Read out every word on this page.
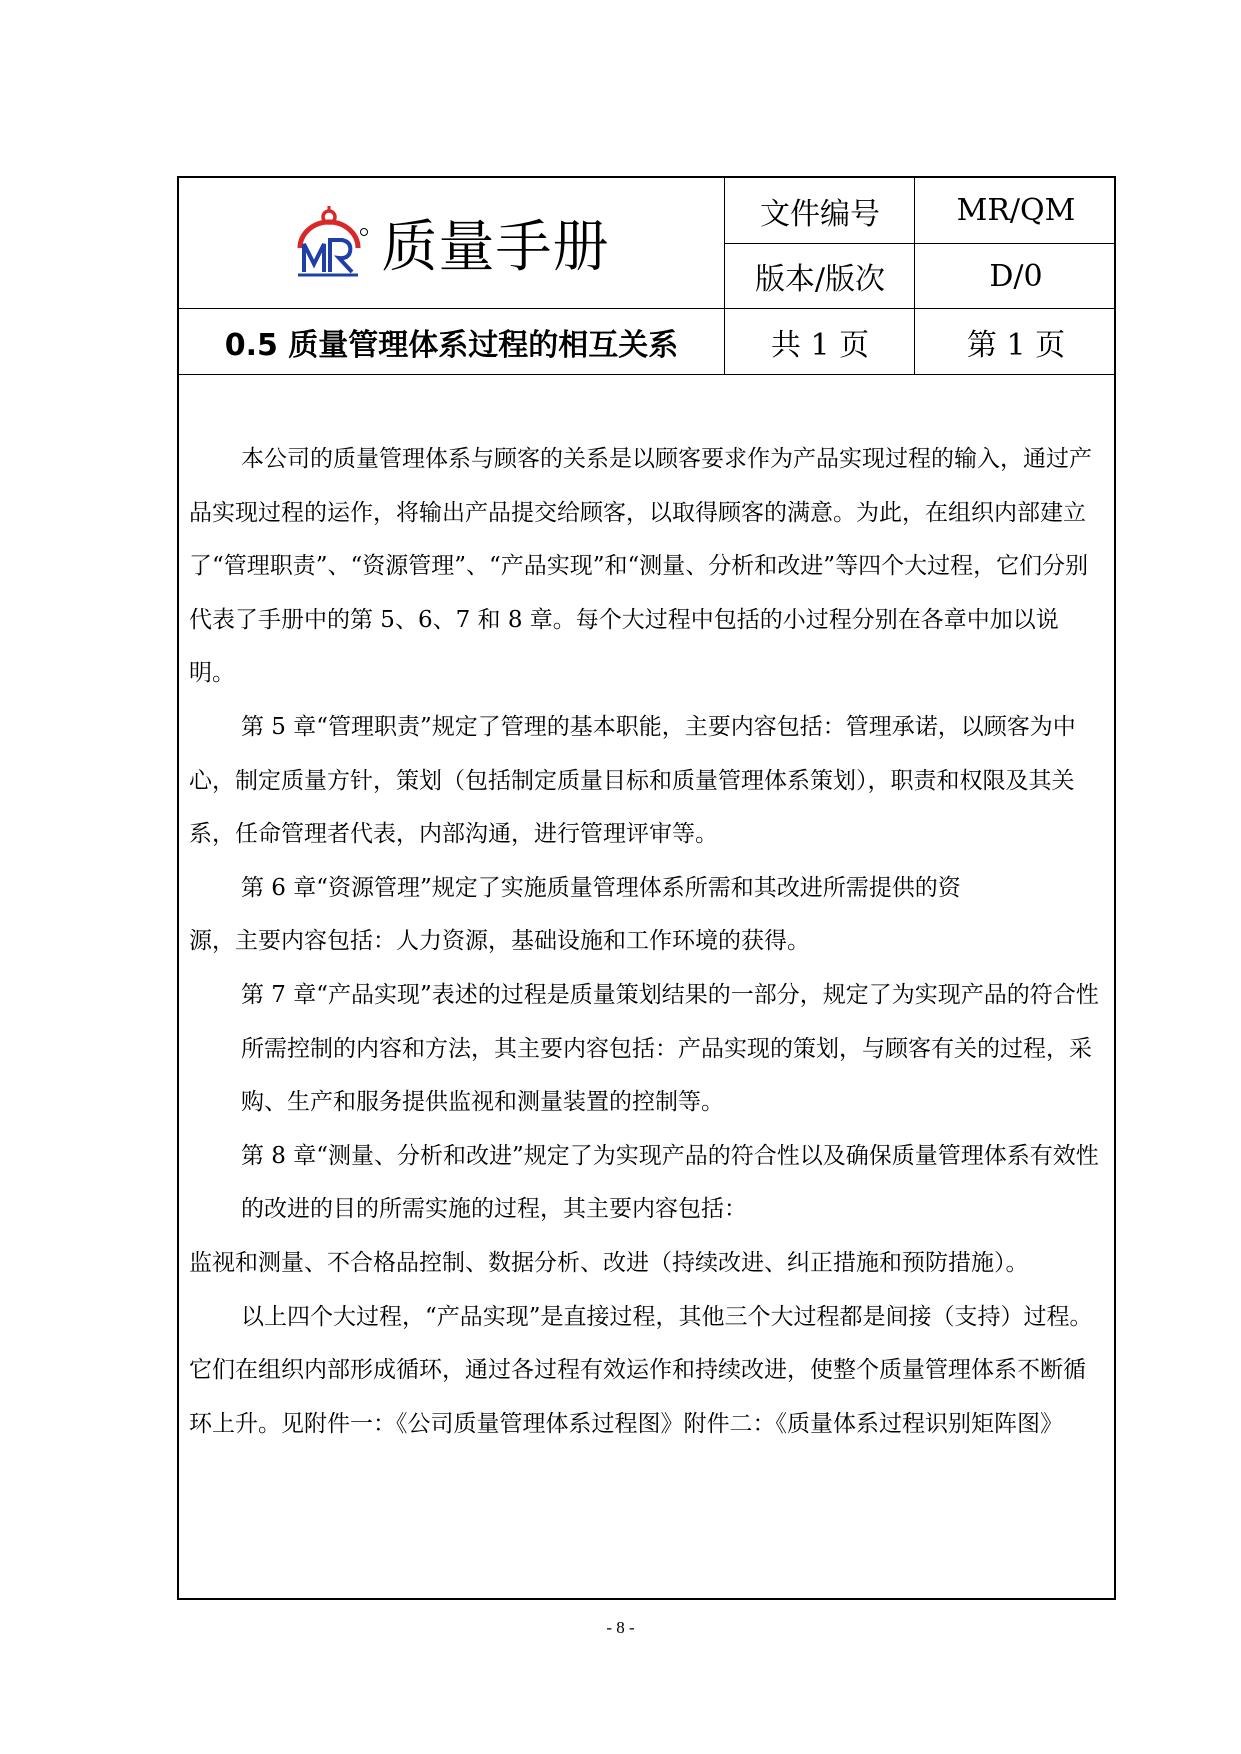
质量手册
文件编号	MR/QM
版本/版次	D/0
0.5 质量管理体系过程的相互关系	共 1 页	第 1 页

本公司的质量管理体系与顾客的关系是以顾客要求作为产品实现过程的输入，通过产品实现过程的运作，将输出产品提交给顾客，以取得顾客的满意。为此，在组织内部建立了“管理职责”、“资源管理”、“产品实现”和“测量、分析和改进”等四个大过程，它们分别代表了手册中的第 5、6、7 和 8 章。每个大过程中包括的小过程分别在各章中加以说明。

第 5 章“管理职责”规定了管理的基本职能，主要内容包括：管理承诺，以顾客为中心，制定质量方针，策划（包括制定质量目标和质量管理体系策划），职责和权限及其关系，任命管理者代表，内部沟通，进行管理评审等。

第 6 章“资源管理”规定了实施质量管理体系所需和其改进所需提供的资

源，主要内容包括：人力资源，基础设施和工作环境的获得。

第 7 章“产品实现”表述的过程是质量策划结果的一部分，规定了为实现产品的符合性所需控制的内容和方法，其主要内容包括：产品实现的策划，与顾客有关的过程，采购、生产和服务提供监视和测量装置的控制等。

第 8 章“测量、分析和改进”规定了为实现产品的符合性以及确保质量管理体系有效性的改进的目的所需实施的过程，其主要内容包括：

监视和测量、不合格品控制、数据分析、改进（持续改进、纠正措施和预防措施）。

以上四个大过程，“产品实现”是直接过程，其他三个大过程都是间接（支持）过程。它们在组织内部形成循环，通过各过程有效运作和持续改进，使整个质量管理体系不断循环上升。见附件一：《公司质量管理体系过程图》附件二：《质量体系过程识别矩阵图》

- 8 -
